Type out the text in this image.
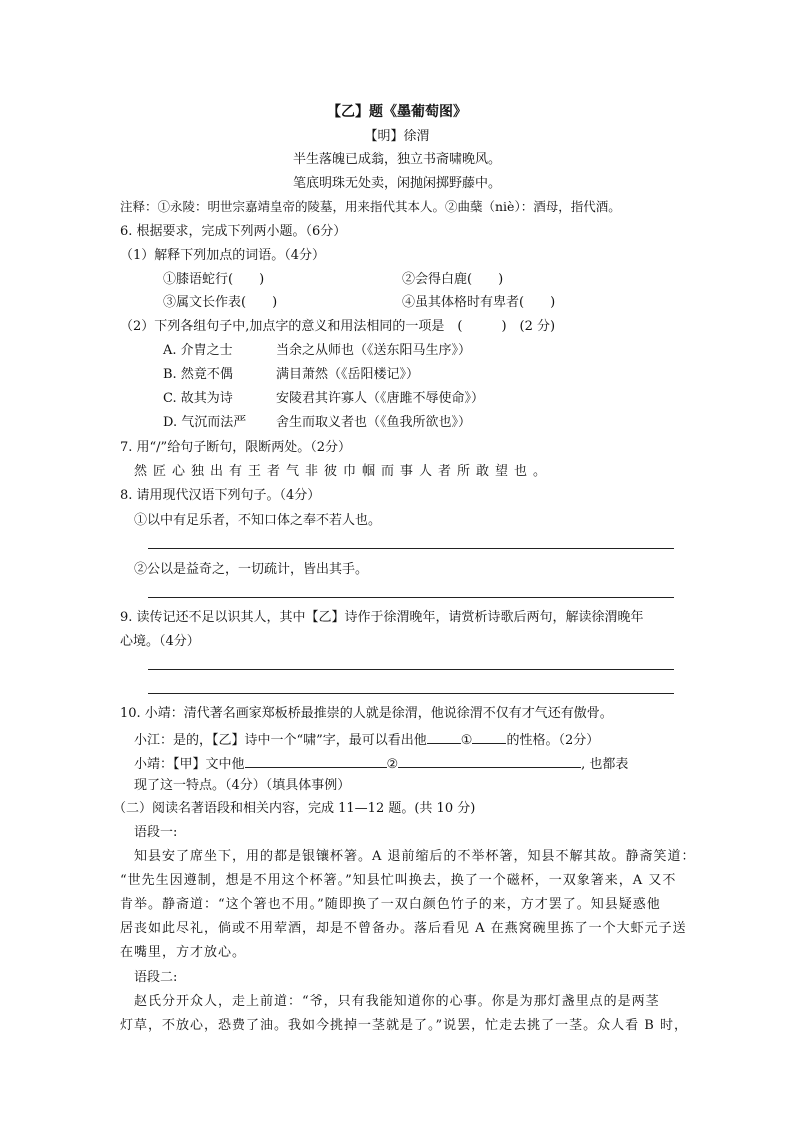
【乙】题《墨葡萄图》
【明】徐渭
半生落魄已成翁，独立书斋啸晚风。
笔底明珠无处卖，闲抛闲掷野藤中。
注释：①永陵：明世宗嘉靖皇帝的陵墓，用来指代其本人。②曲蘖（niè）：酒母，指代酒。
6. 根据要求，完成下列两小题。（6分）
（1）解释下列加点的词语。（4分）
①膝语蛇行(　　)	②会得白鹿(　　)
③属文长作表(　　)	④虽其体格时有卑者(　　)
（2）下列各组句子中,加点字的意义和用法相同的一项是　(　　　)　(2 分)
A. 介胄之士	当余之从师也（《送东阳马生序》）
B. 然竟不偶	满目萧然（《岳阳楼记》）
C. 故其为诗	安陵君其许寡人（《唐雎不辱使命》）
D. 气沉而法严 舍生而取义者也（《鱼我所欲也》）
7. 用“/”给句子断句，限断两处。（2分）
然匠心独出有王者气非彼巾帼而事人者所敢望也。
8. 请用现代汉语下列句子。（4分）
①以中有足乐者，不知口体之奉不若人也。
②公以是益奇之，一切疏计，皆出其手。
9. 读传记还不足以识其人，其中【乙】诗作于徐渭晚年，请赏析诗歌后两句，解读徐渭晚年
心境。（4分）
10. 小靖：清代著名画家郑板桥最推崇的人就是徐渭，他说徐渭不仅有才气还有傲骨。
小江：是的，【乙】诗中一个“啸”字，最可以看出他	①	的性格。（2分）
小靖：【甲】文中他	②	, 也都表
现了这一特点。（4分）（填具体事例）
（二）阅读名著语段和相关内容，完成 11—12 题。(共 10 分)
语段一:
知县安了席坐下，用的都是银镶杯箸。A 退前缩后的不举杯箸，知县不解其故。静斋笑道：
“世先生因遵制，想是不用这个杯箸。”知县忙叫换去，换了一个磁杯，一双象箸来，A 又不
肯举。静斋道：“这个箸也不用。”随即换了一双白颜色竹子的来，方才罢了。知县疑惑他
居丧如此尽礼，倘或不用荤酒，却是不曾备办。落后看见 A 在燕窝碗里拣了一个大虾元子送
在嘴里，方才放心。
语段二:
赵氏分开众人，走上前道：“爷，只有我能知道你的心事。你是为那灯盏里点的是两茎
灯草，不放心，恐费了油。我如今挑掉一茎就是了。”说罢，忙走去挑了一茎。众人看 B 时，
